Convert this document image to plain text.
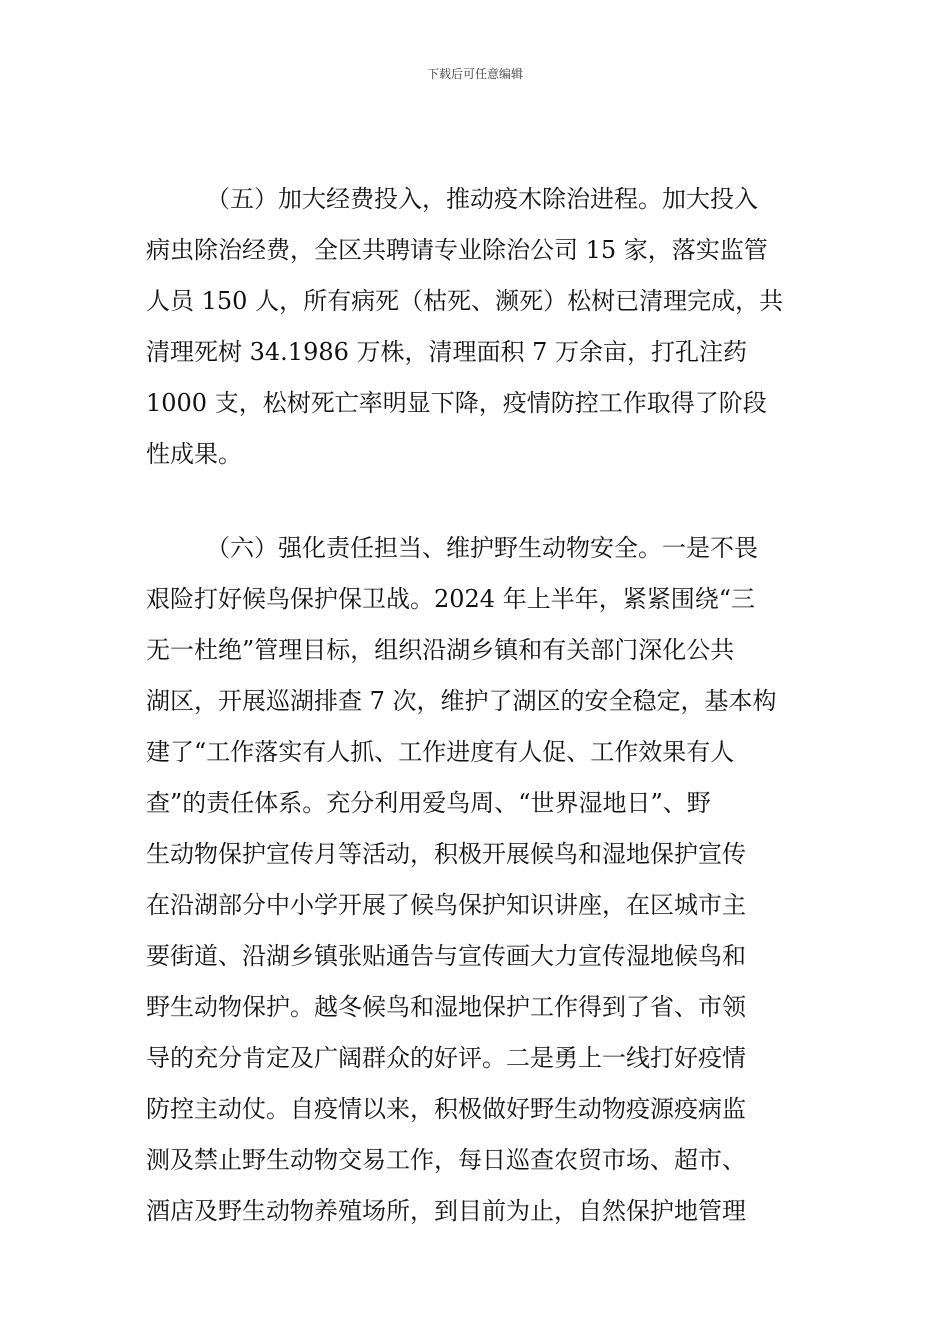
下载后可任意编辑

（五）加大经费投入，推动疫木除治进程。加大投入
病虫除治经费，全区共聘请专业除治公司 15 家，落实监管
人员 150 人，所有病死（枯死、濒死）松树已清理完成，共
清理死树 34.1986 万株，清理面积 7 万余亩，打孔注药
1000 支，松树死亡率明显下降，疫情防控工作取得了阶段
性成果。

（六）强化责任担当、维护野生动物安全。一是不畏
艰险打好候鸟保护保卫战。2024 年上半年，紧紧围绕“三
无一杜绝”管理目标，组织沿湖乡镇和有关部门深化公共
湖区，开展巡湖排查 7 次，维护了湖区的安全稳定，基本构
建了“工作落实有人抓、工作进度有人促、工作效果有人
查”的责任体系。充分利用爱鸟周、“世界湿地日”、野
生动物保护宣传月等活动，积极开展候鸟和湿地保护宣传
在沿湖部分中小学开展了候鸟保护知识讲座，在区城市主
要街道、沿湖乡镇张贴通告与宣传画大力宣传湿地候鸟和
野生动物保护。越冬候鸟和湿地保护工作得到了省、市领
导的充分肯定及广阔群众的好评。二是勇上一线打好疫情
防控主动仗。自疫情以来，积极做好野生动物疫源疫病监
测及禁止野生动物交易工作，每日巡查农贸市场、超市、
酒店及野生动物养殖场所，到目前为止，自然保护地管理
